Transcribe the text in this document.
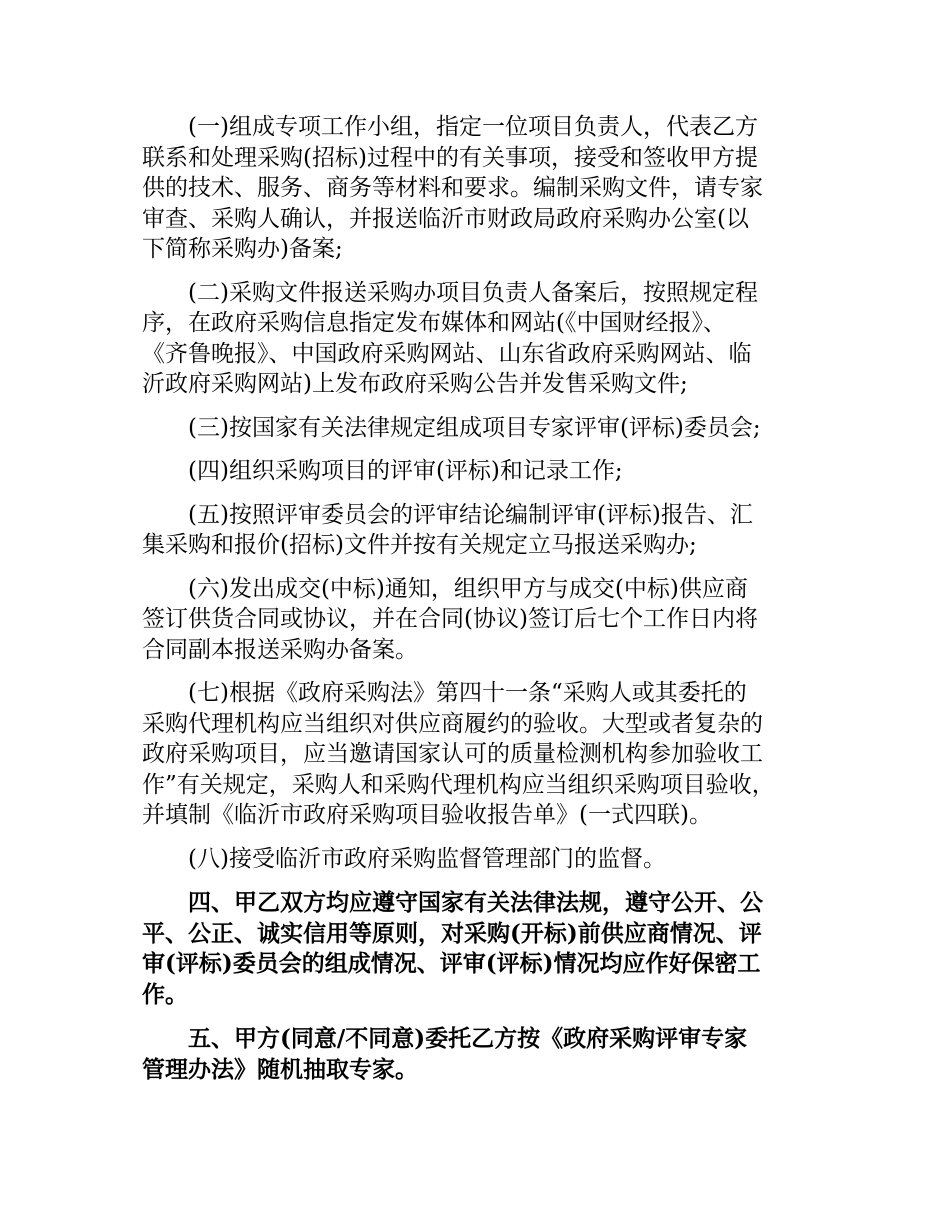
(一)组成专项工作小组，指定一位项目负责人，代表乙方
联系和处理采购(招标)过程中的有关事项，接受和签收甲方提
供的技术、服务、商务等材料和要求。编制采购文件，请专家
审查、采购人确认，并报送临沂市财政局政府采购办公室(以
下简称采购办)备案;

(二)采购文件报送采购办项目负责人备案后，按照规定程
序，在政府采购信息指定发布媒体和网站(《中国财经报》、
《齐鲁晚报》、中国政府采购网站、山东省政府采购网站、临
沂政府采购网站)上发布政府采购公告并发售采购文件;

(三)按国家有关法律规定组成项目专家评审(评标)委员会;

(四)组织采购项目的评审(评标)和记录工作;

(五)按照评审委员会的评审结论编制评审(评标)报告、汇
集采购和报价(招标)文件并按有关规定立马报送采购办;

(六)发出成交(中标)通知，组织甲方与成交(中标)供应商
签订供货合同或协议，并在合同(协议)签订后七个工作日内将
合同副本报送采购办备案。

(七)根据《政府采购法》第四十一条“采购人或其委托的
采购代理机构应当组织对供应商履约的验收。大型或者复杂的
政府采购项目，应当邀请国家认可的质量检测机构参加验收工
作”有关规定，采购人和采购代理机构应当组织采购项目验收，
并填制《临沂市政府采购项目验收报告单》(一式四联)。

(八)接受临沂市政府采购监督管理部门的监督。

四、甲乙双方均应遵守国家有关法律法规，遵守公开、公
平、公正、诚实信用等原则，对采购(开标)前供应商情况、评
审(评标)委员会的组成情况、评审(评标)情况均应作好保密工
作。

五、甲方(同意/不同意)委托乙方按《政府采购评审专家
管理办法》随机抽取专家。
